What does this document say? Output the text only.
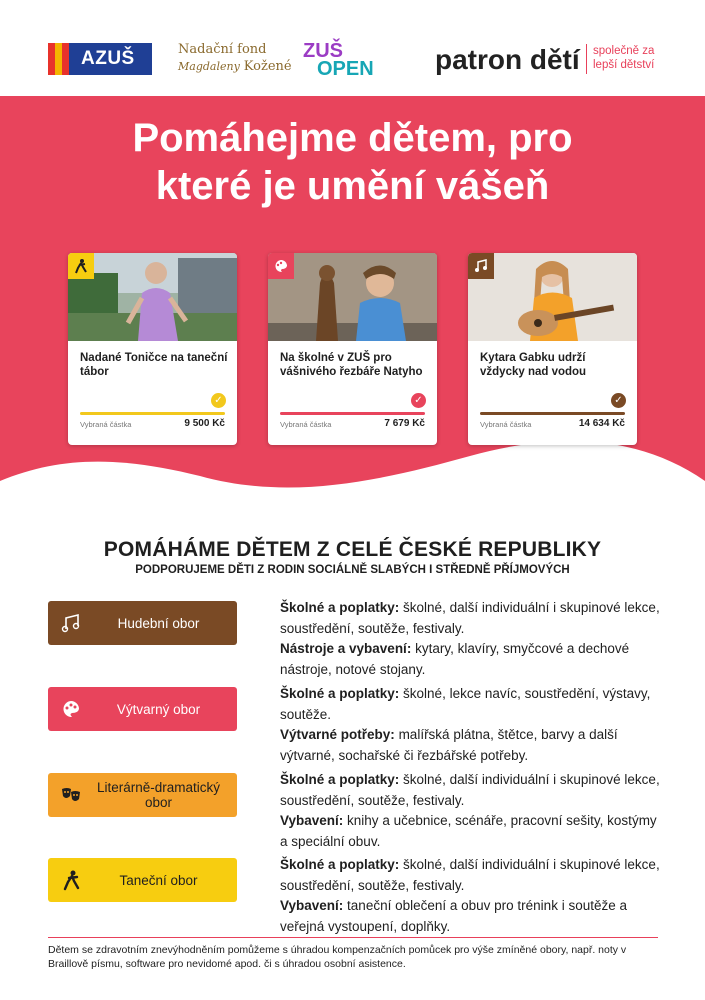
AZUŠ	Nadační fond
Magdaleny Kožené
ZUŠ
OPEN	patron dětí	společně za lepší dětství
Pomáhejme dětem, pro
které je umění vášeň
Nadané Toničce na taneční tábor
✓
Vybraná částka	9 500 Kč
Na školné v ZUŠ pro vášnivého řezbáře Natyho
✓
Vybraná částka	7 679 Kč
Kytara Gabku udrží vždycky nad vodou
✓
Vybraná částka	14 634 Kč
POMÁHÁME DĚTEM Z CELÉ ČESKÉ REPUBLIKY
PODPORUJEME DĚTI Z RODIN SOCIÁLNĚ SLABÝCH I STŘEDNĚ PŘÍJMOVÝCH
Hudební obor
Školné a poplatky: školné, další individuální i skupinové lekce, soustředění, soutěže, festivaly.
Nástroje a vybavení: kytary, klavíry, smyčcové a dechové nástroje, notové stojany.
Výtvarný obor
Školné a poplatky: školné, lekce navíc, soustředění, výstavy, soutěže.
Výtvarné potřeby: malířská plátna, štětce, barvy a další výtvarné, sochařské či řezbářské potřeby.
Literárně-dramatický obor
Školné a poplatky: školné, další individuální i skupinové lekce, soustředění, soutěže, festivaly.
Vybavení: knihy a učebnice, scénáře, pracovní sešity, kostýmy a speciální obuv.
Taneční obor
Školné a poplatky: školné, další individuální i skupinové lekce, soustředění, soutěže, festivaly.
Vybavení: taneční oblečení a obuv pro trénink i soutěže a veřejná vystoupení, doplňky.
Dětem se zdravotním znevýhodněním pomůžeme s úhradou kompenzačních pomůcek pro výše zmíněné obory, např. noty v Braillově písmu, software pro nevidomé apod. či s úhradou osobní asistence.
